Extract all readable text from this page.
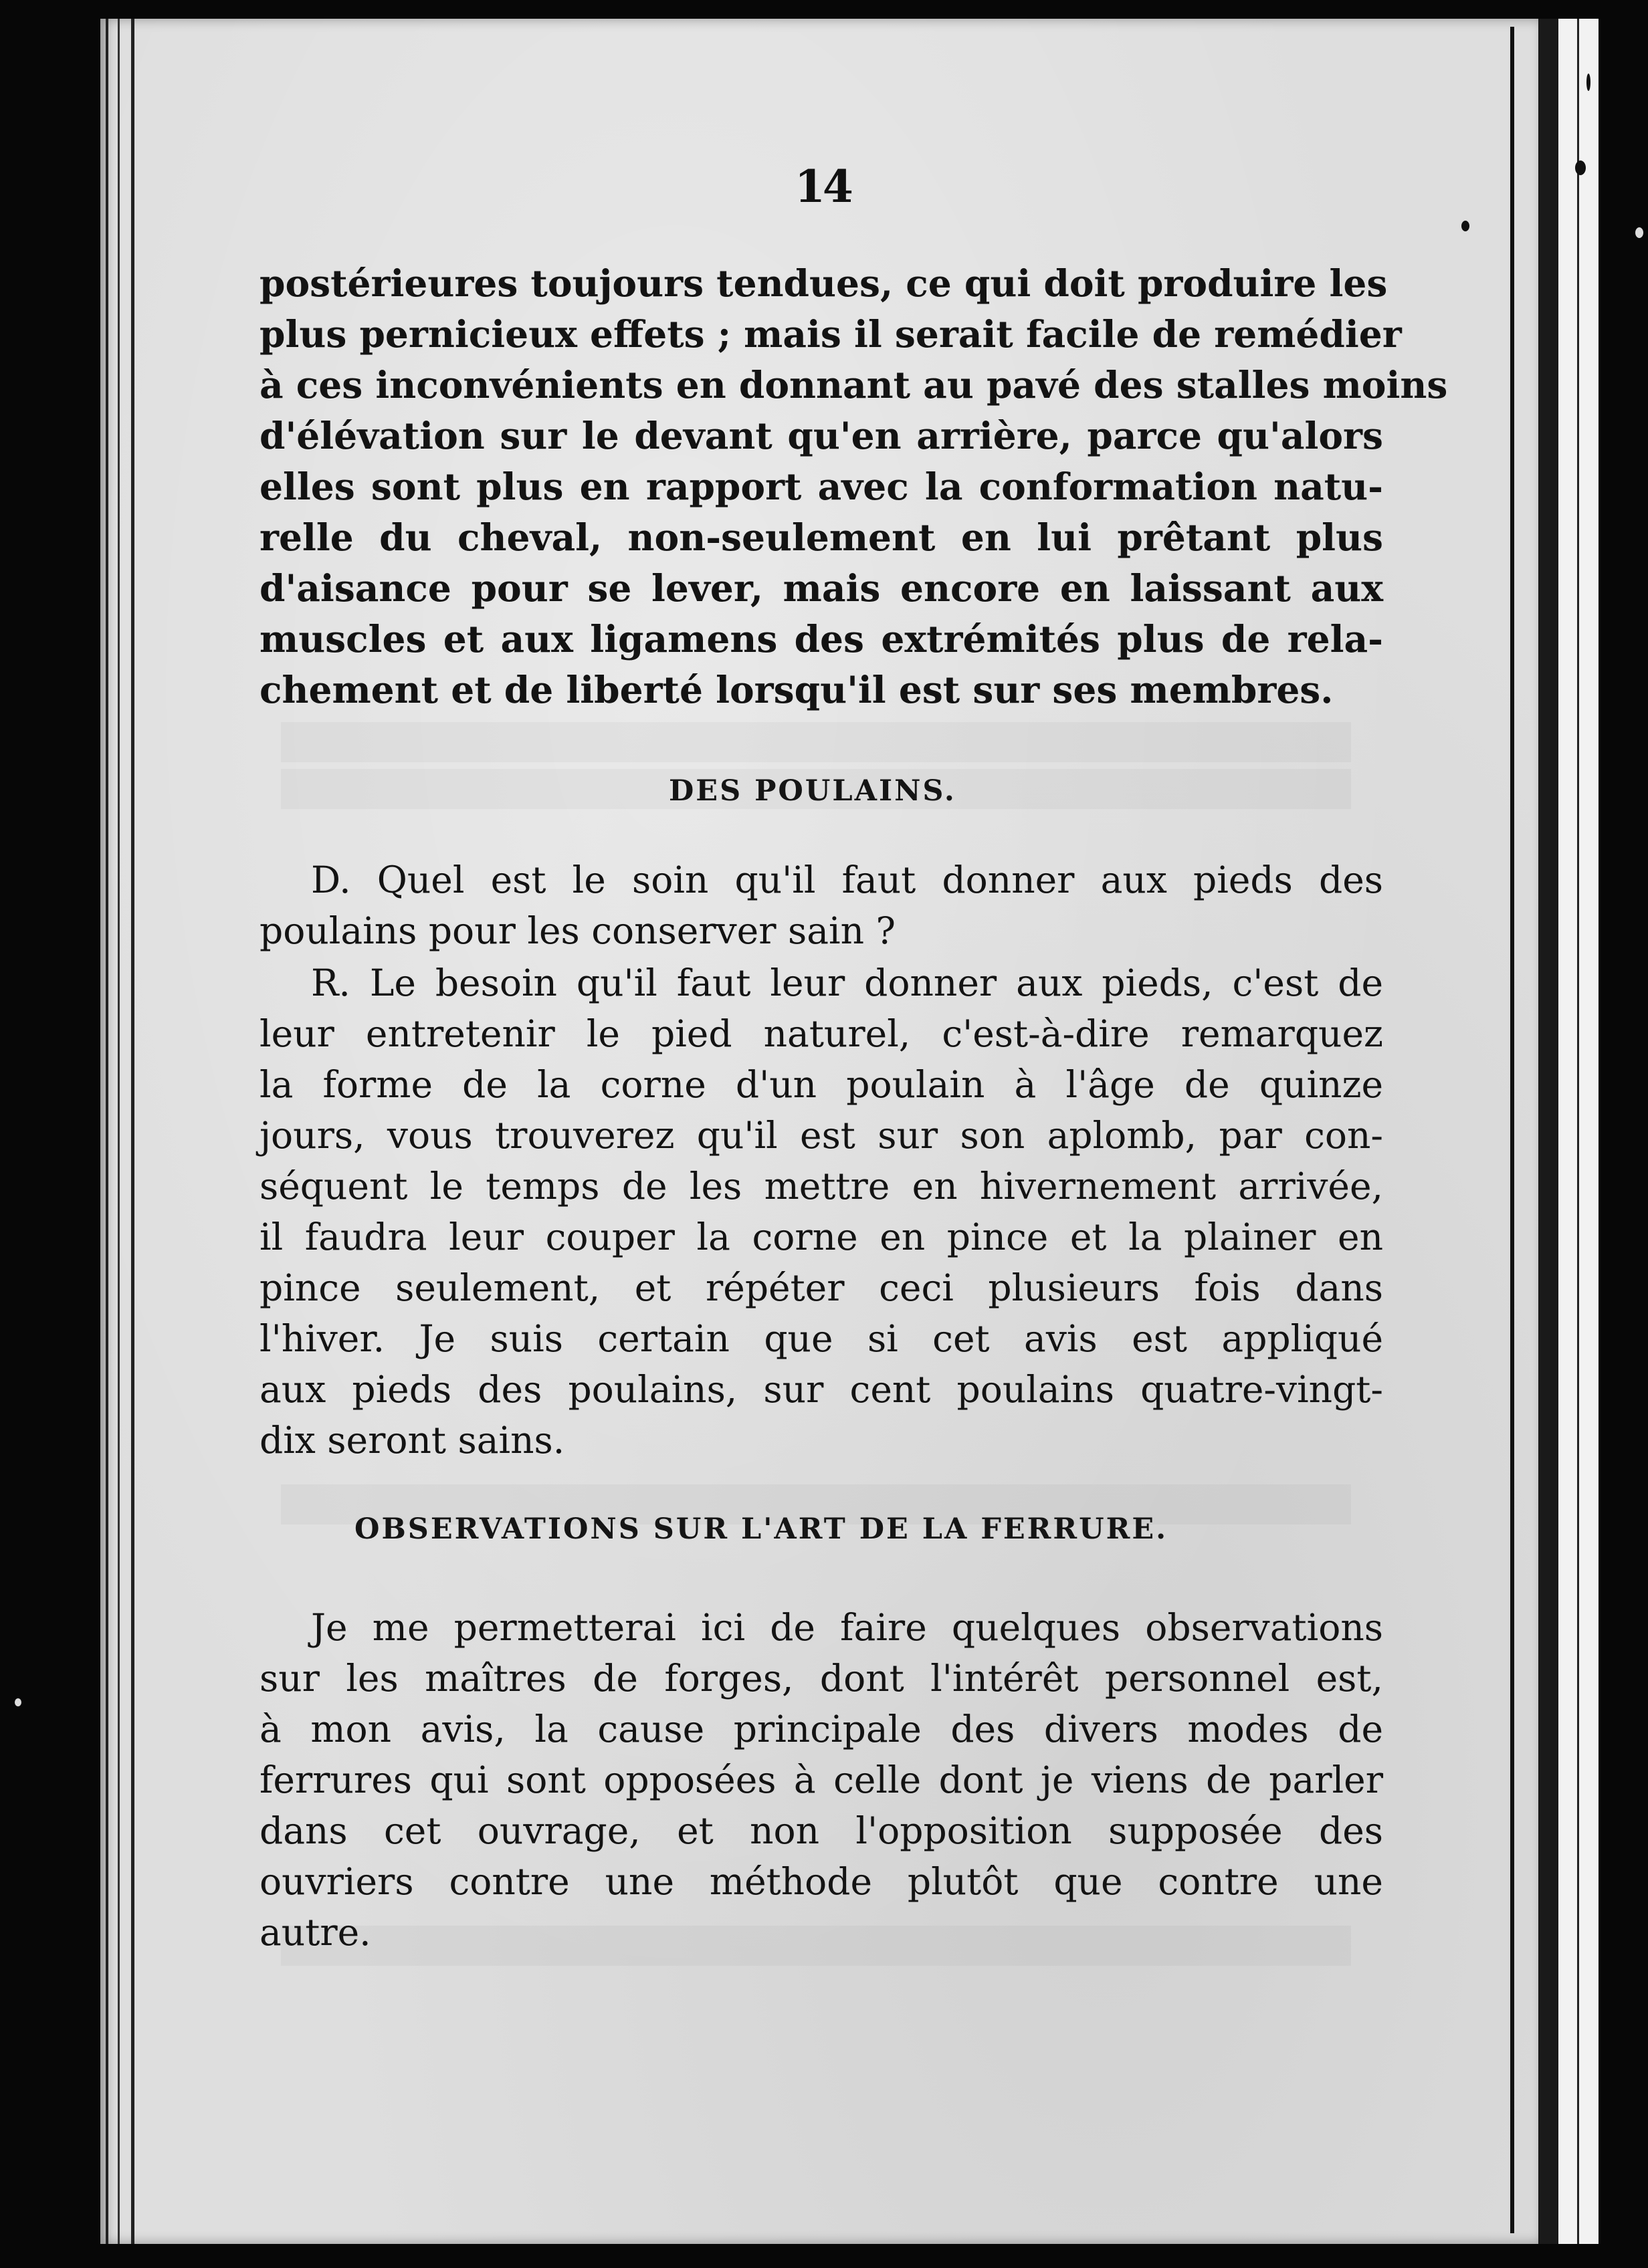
14
postérieures toujours tendues, ce qui doit produire les
plus pernicieux effets ; mais il serait facile de remédier
à ces inconvénients en donnant au pavé des stalles moins
d'élévation sur le devant qu'en arrière, parce qu'alors
elles sont plus en rapport avec la conformation natu-
relle du cheval, non-seulement en lui prêtant plus
d'aisance pour se lever, mais encore en laissant aux
muscles et aux ligamens des extrémités plus de rela-
chement et de liberté lorsqu'il est sur ses membres.
DES POULAINS.
D. Quel est le soin qu'il faut donner aux pieds des
poulains pour les conserver sain ?
R. Le besoin qu'il faut leur donner aux pieds, c'est de
leur entretenir le pied naturel, c'est-à-dire remarquez
la forme de la corne d'un poulain à l'âge de quinze
jours, vous trouverez qu'il est sur son aplomb, par con-
séquent le temps de les mettre en hivernement arrivée,
il faudra leur couper la corne en pince et la plainer en
pince seulement, et répéter ceci plusieurs fois dans
l'hiver. Je suis certain que si cet avis est appliqué
aux pieds des poulains, sur cent poulains quatre-vingt-
dix seront sains.
OBSERVATIONS SUR L'ART DE LA FERRURE.
Je me permetterai ici de faire quelques observations
sur les maîtres de forges, dont l'intérêt personnel est,
à mon avis, la cause principale des divers modes de
ferrures qui sont opposées à celle dont je viens de parler
dans cet ouvrage, et non l'opposition supposée des
ouvriers contre une méthode plutôt que contre une
autre.
